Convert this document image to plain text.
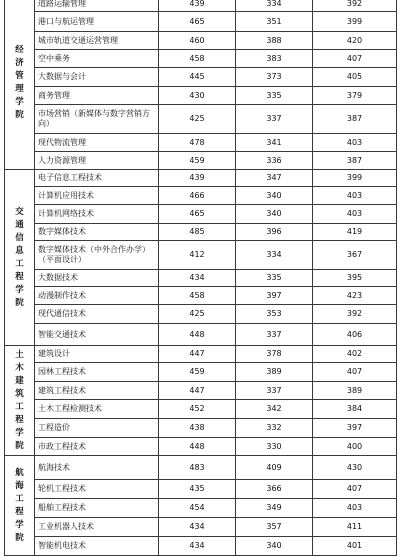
经济管理学院	道路运输管理	439	334	392
	港口与航运管理	465	351	399
	城市轨道交通运营管理	460	388	420
	空中乘务	458	383	407
	大数据与会计	445	373	405
	商务管理	430	335	379
	市场营销（新媒体与数字营销方向）	425	337	387
	现代物流管理	478	341	403
	人力资源管理	459	336	387
交通信息工程学院	电子信息工程技术	439	347	399
	计算机应用技术	466	340	403
	计算机网络技术	465	340	403
	数字媒体技术	485	396	419
	数字媒体技术（中外合作办学）（平面设计）	412	334	367
	大数据技术	434	335	395
	动漫制作技术	458	397	423
	现代通信技术	425	353	392
	智能交通技术	448	337	406
土木建筑工程学院	建筑设计	447	378	402
	园林工程技术	459	389	407
	建筑工程技术	447	337	389
	土木工程检测技术	452	342	384
	工程造价	438	332	397
	市政工程技术	448	330	400
航海工程学院	航海技术	483	409	430
	轮机工程技术	435	366	407
	船舶工程技术	454	349	403
	工业机器人技术	434	357	411
	智能机电技术	434	340	401
